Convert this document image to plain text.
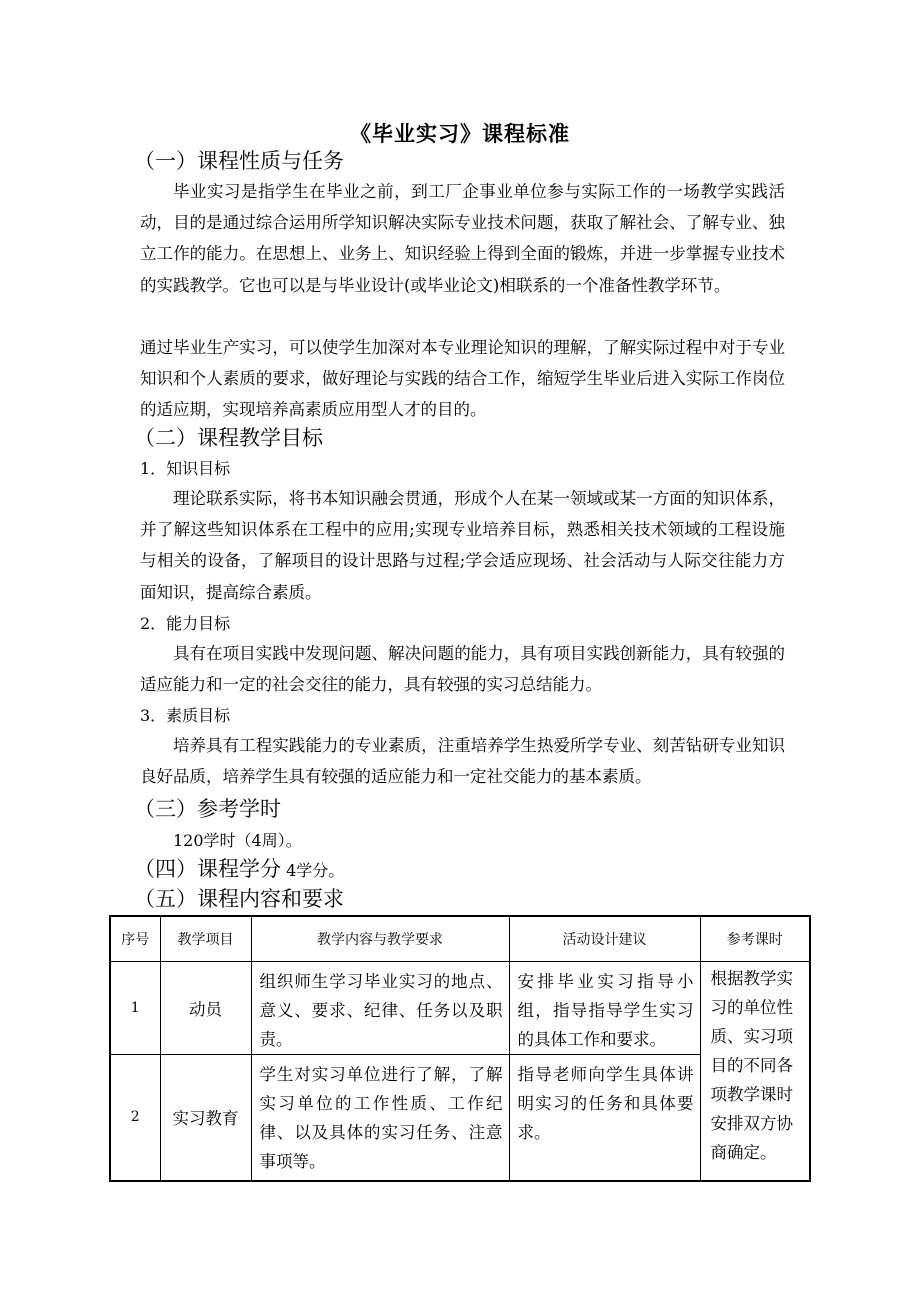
《毕业实习》课程标准
（一）课程性质与任务
毕业实习是指学生在毕业之前，到工厂企事业单位参与实际工作的一场教学实践活动，目的是通过综合运用所学知识解决实际专业技术问题，获取了解社会、了解专业、独立工作的能力。在思想上、业务上、知识经验上得到全面的锻炼，并进一步掌握专业技术的实践教学。它也可以是与毕业设计(或毕业论文)相联系的一个准备性教学环节。
通过毕业生产实习，可以使学生加深对本专业理论知识的理解，了解实际过程中对于专业知识和个人素质的要求，做好理论与实践的结合工作，缩短学生毕业后进入实际工作岗位的适应期，实现培养高素质应用型人才的目的。
（二）课程教学目标
1．知识目标
理论联系实际，将书本知识融会贯通，形成个人在某一领域或某一方面的知识体系，并了解这些知识体系在工程中的应用;实现专业培养目标，熟悉相关技术领域的工程设施与相关的设备，了解项目的设计思路与过程;学会适应现场、社会活动与人际交往能力方面知识，提高综合素质。
2．能力目标
具有在项目实践中发现问题、解决问题的能力，具有项目实践创新能力，具有较强的适应能力和一定的社会交往的能力，具有较强的实习总结能力。
3．素质目标
培养具有工程实践能力的专业素质，注重培养学生热爱所学专业、刻苦钻研专业知识良好品质，培养学生具有较强的适应能力和一定社交能力的基本素质。
（三）参考学时
120学时（4周）。
（四）课程学分 4学分。
（五）课程内容和要求
序号	教学项目	教学内容与教学要求	活动设计建议	参考课时
1	动员	组织师生学习毕业实习的地点、意义、要求、纪律、任务以及职责。	安排毕业实习指导小组，指导指导学生实习的具体工作和要求。	根据教学实习的单位性质、实习项目的不同各项教学课时安排双方协商确定。
2	实习教育	学生对实习单位进行了解，了解实习单位的工作性质、工作纪律、以及具体的实习任务、注意事项等。	指导老师向学生具体讲明实习的任务和具体要求。	
